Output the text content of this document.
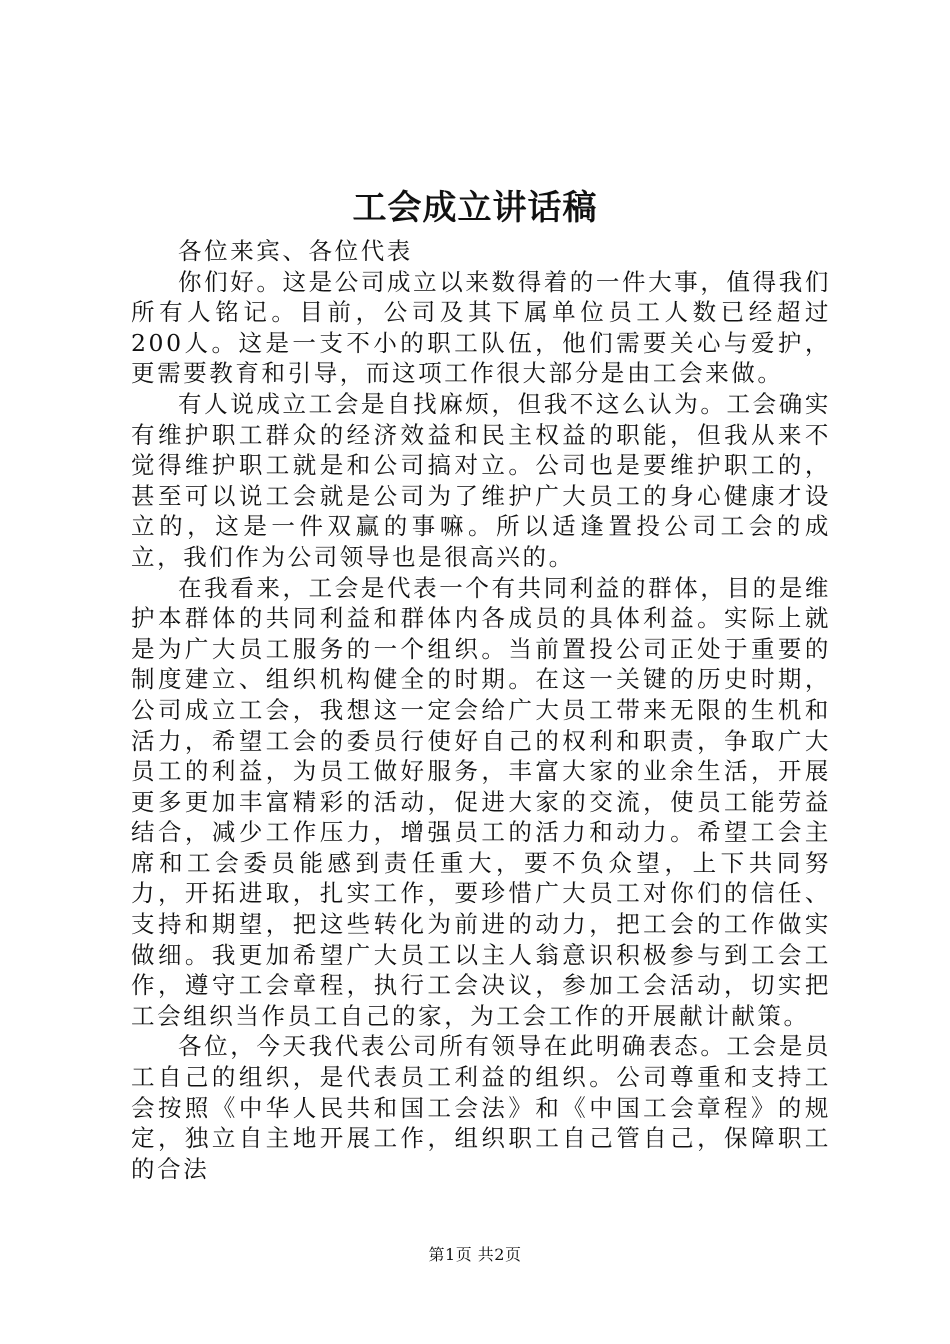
工会成立讲话稿

各位来宾、各位代表

你们好。这是公司成立以来数得着的一件大事，值得我们所有人铭记。目前，公司及其下属单位员工人数已经超过200人。这是一支不小的职工队伍，他们需要关心与爱护，更需要教育和引导，而这项工作很大部分是由工会来做。

有人说成立工会是自找麻烦，但我不这么认为。工会确实有维护职工群众的经济效益和民主权益的职能，但我从来不觉得维护职工就是和公司搞对立。公司也是要维护职工的，甚至可以说工会就是公司为了维护广大员工的身心健康才设立的，这是一件双赢的事嘛。所以适逢置投公司工会的成立，我们作为公司领导也是很高兴的。

在我看来，工会是代表一个有共同利益的群体，目的是维护本群体的共同利益和群体内各成员的具体利益。实际上就是为广大员工服务的一个组织。当前置投公司正处于重要的制度建立、组织机构健全的时期。在这一关键的历史时期，公司成立工会，我想这一定会给广大员工带来无限的生机和活力，希望工会的委员行使好自己的权利和职责，争取广大员工的利益，为员工做好服务，丰富大家的业余生活，开展更多更加丰富精彩的活动，促进大家的交流，使员工能劳益结合，减少工作压力，增强员工的活力和动力。希望工会主席和工会委员能感到责任重大，要不负众望，上下共同努力，开拓进取，扎实工作，要珍惜广大员工对你们的信任、支持和期望，把这些转化为前进的动力，把工会的工作做实做细。我更加希望广大员工以主人翁意识积极参与到工会工作，遵守工会章程，执行工会决议，参加工会活动，切实把工会组织当作员工自己的家，为工会工作的开展献计献策。

各位，今天我代表公司所有领导在此明确表态。工会是员工自己的组织，是代表员工利益的组织。公司尊重和支持工会按照《中华人民共和国工会法》和《中国工会章程》的规定，独立自主地开展工作，组织职工自己管自己，保障职工的合法

第1页 共2页
